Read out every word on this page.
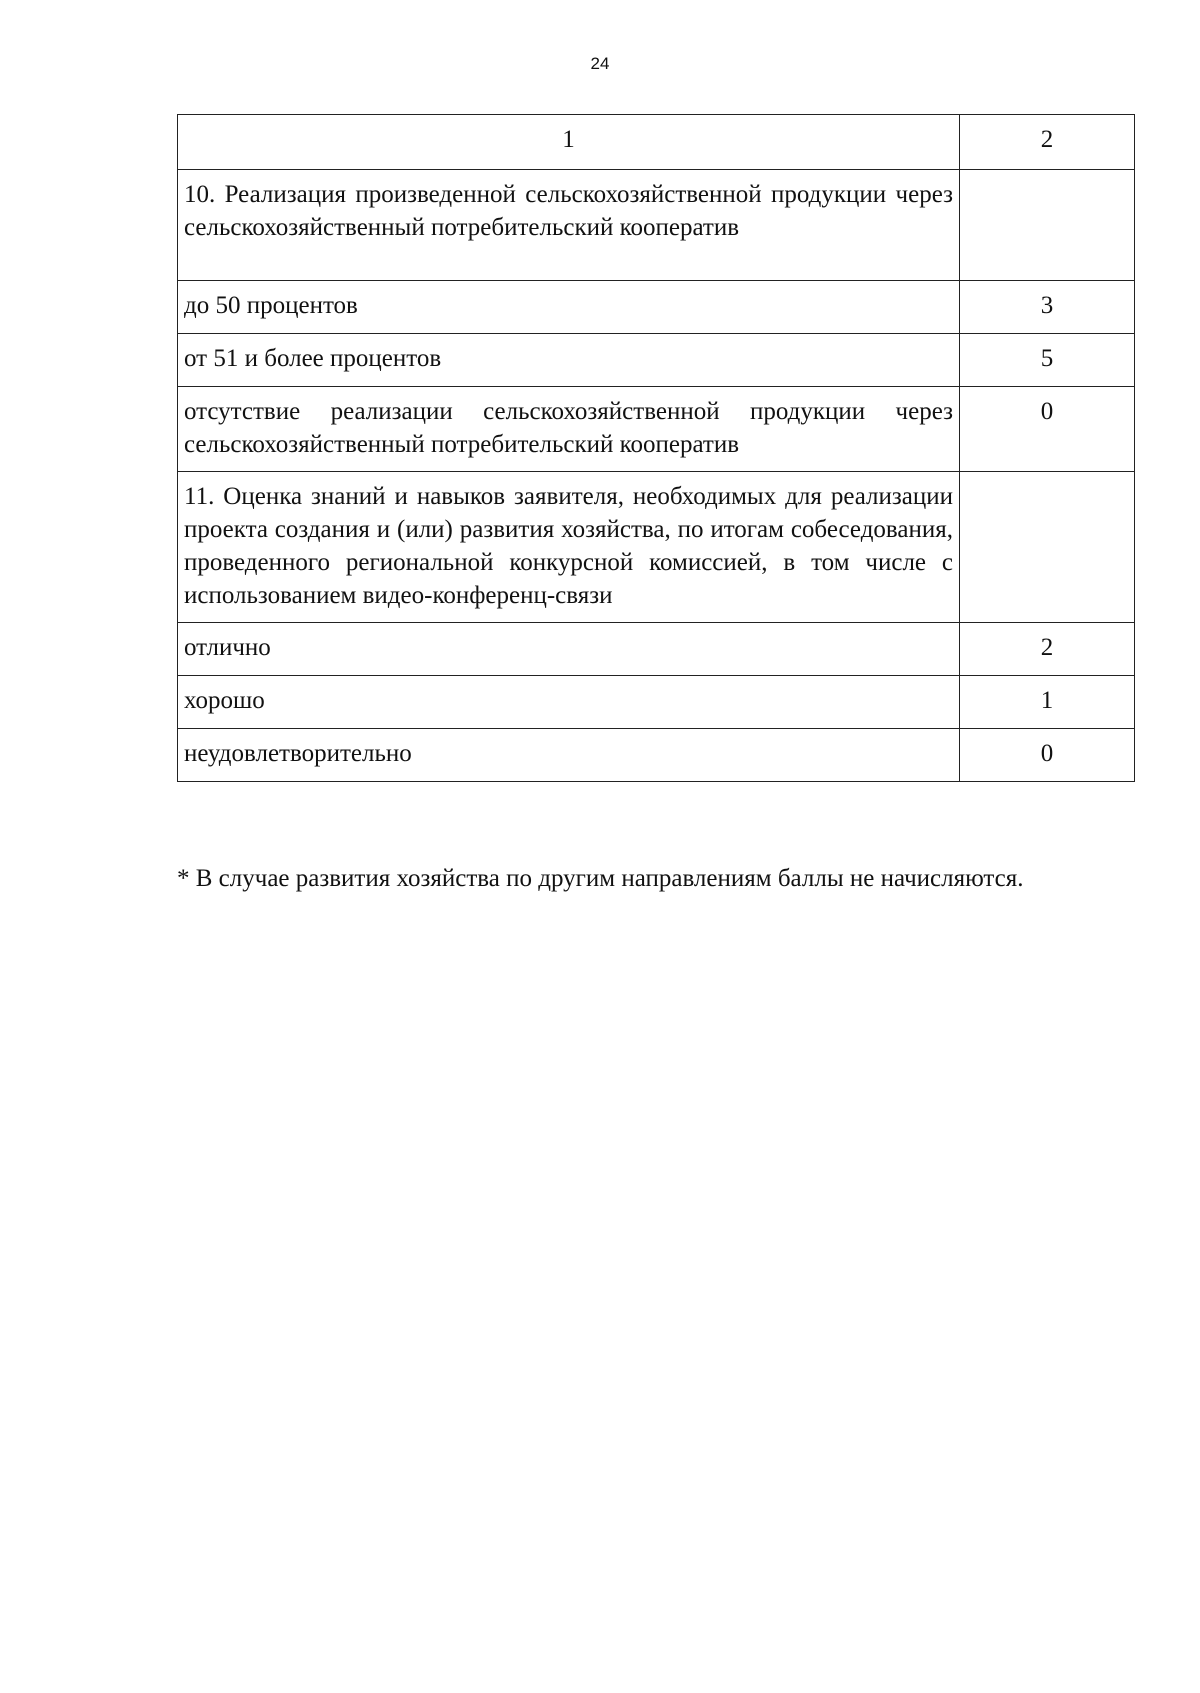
24
1	2
10. Реализация произведенной сельскохозяйственной продукции через сельскохозяйственный потребительский кооператив	
до 50 процентов	3
от 51 и более процентов	5
отсутствие реализации сельскохозяйственной продукции через сельскохозяйственный потребительский кооператив	0
11. Оценка знаний и навыков заявителя, необходимых для реализации проекта создания и (или) развития хозяйства, по итогам собеседования, проведенного региональной конкурсной комиссией, в том числе с использованием видео-конференц-связи	
отлично	2
хорошо	1
неудовлетворительно	0
* В случае развития хозяйства по другим направлениям баллы не начисляются.
